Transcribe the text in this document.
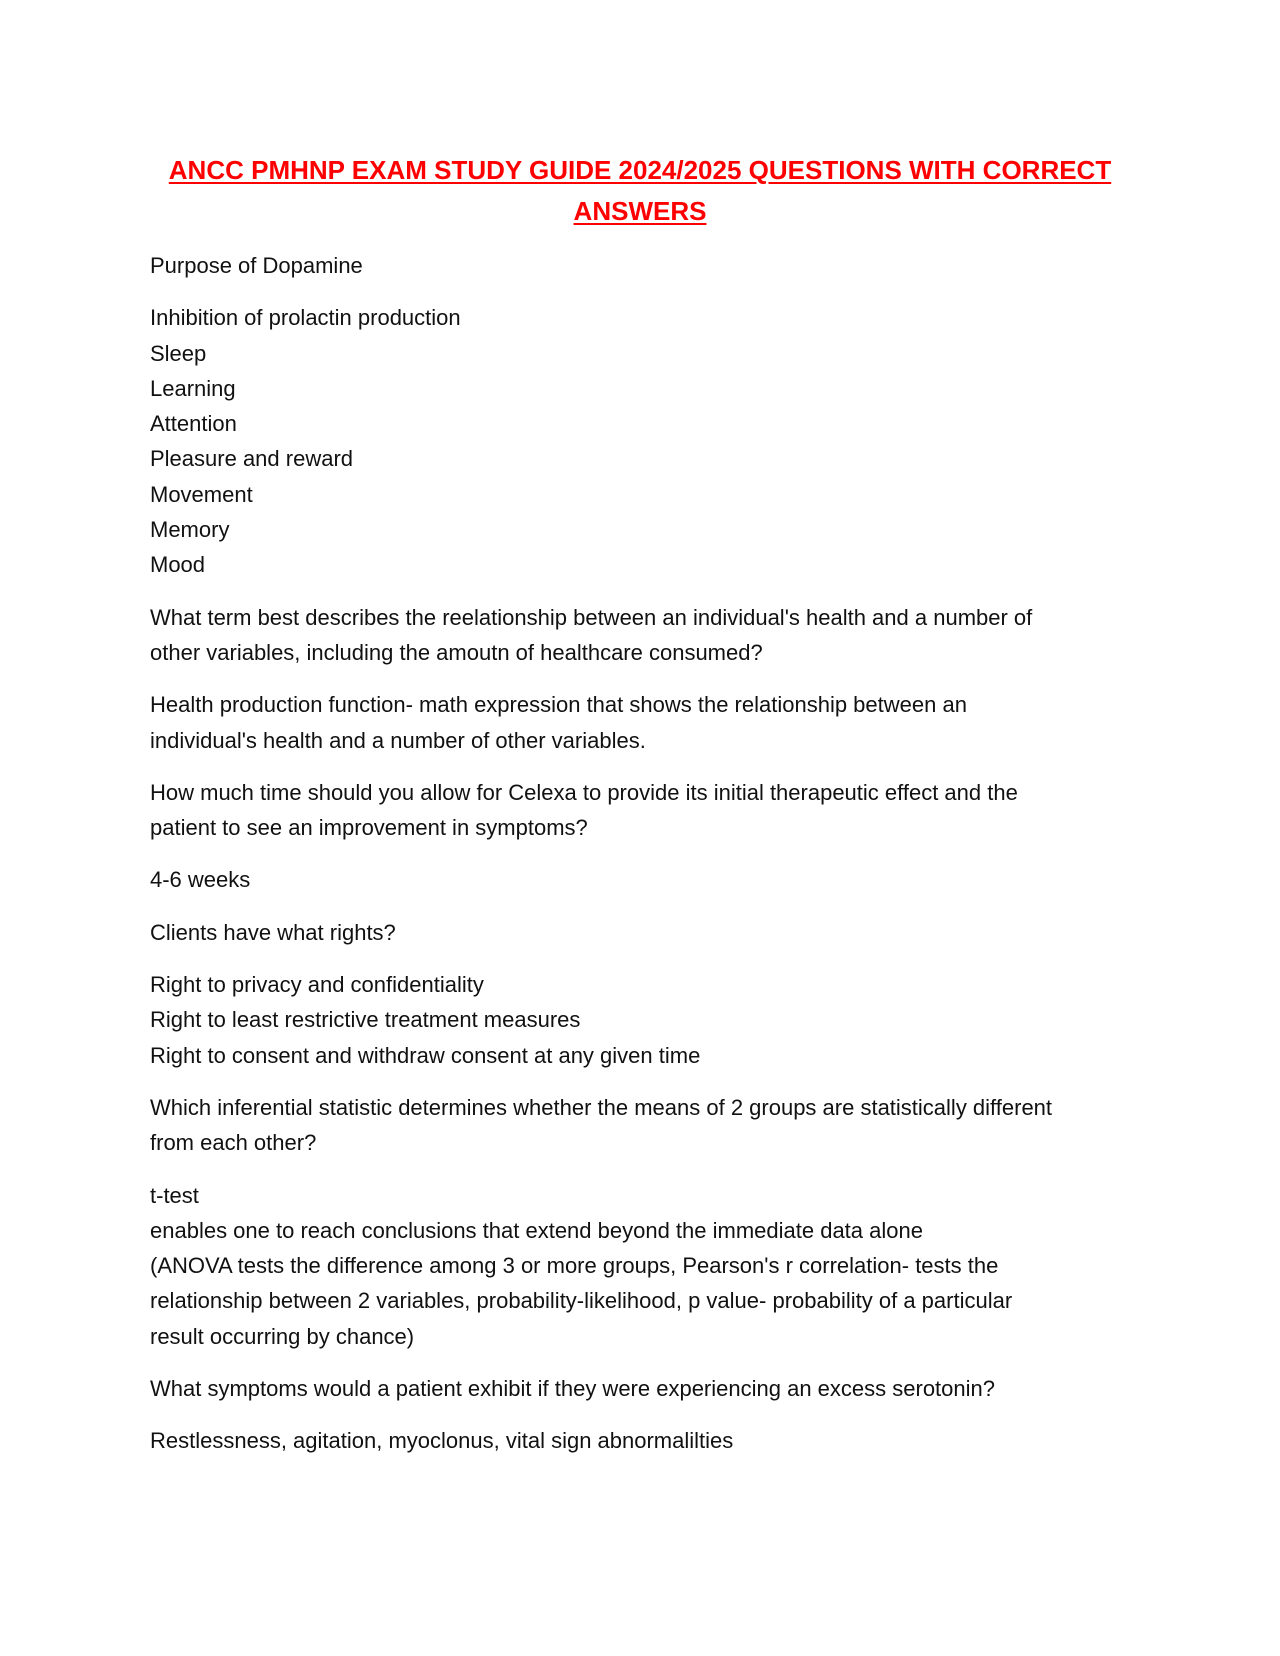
ANCC PMHNP EXAM STUDY GUIDE 2024/2025 QUESTIONS WITH CORRECT ANSWERS
Purpose of Dopamine
Inhibition of prolactin production
Sleep
Learning
Attention
Pleasure and reward
Movement
Memory
Mood
What term best describes the reelationship between an individual's health and a number of
other variables, including the amoutn of healthcare consumed?
Health production function- math expression that shows the relationship between an
individual's health and a number of other variables.
How much time should you allow for Celexa to provide its initial therapeutic effect and the
patient to see an improvement in symptoms?
4-6 weeks
Clients have what rights?
Right to privacy and confidentiality
Right to least restrictive treatment measures
Right to consent and withdraw consent at any given time
Which inferential statistic determines whether the means of 2 groups are statistically different
from each other?
t-test
enables one to reach conclusions that extend beyond the immediate data alone
(ANOVA tests the difference among 3 or more groups, Pearson's r correlation- tests the
relationship between 2 variables, probability-likelihood, p value- probability of a particular
result occurring by chance)
What symptoms would a patient exhibit if they were experiencing an excess serotonin?
Restlessness, agitation, myoclonus, vital sign abnormalilties
